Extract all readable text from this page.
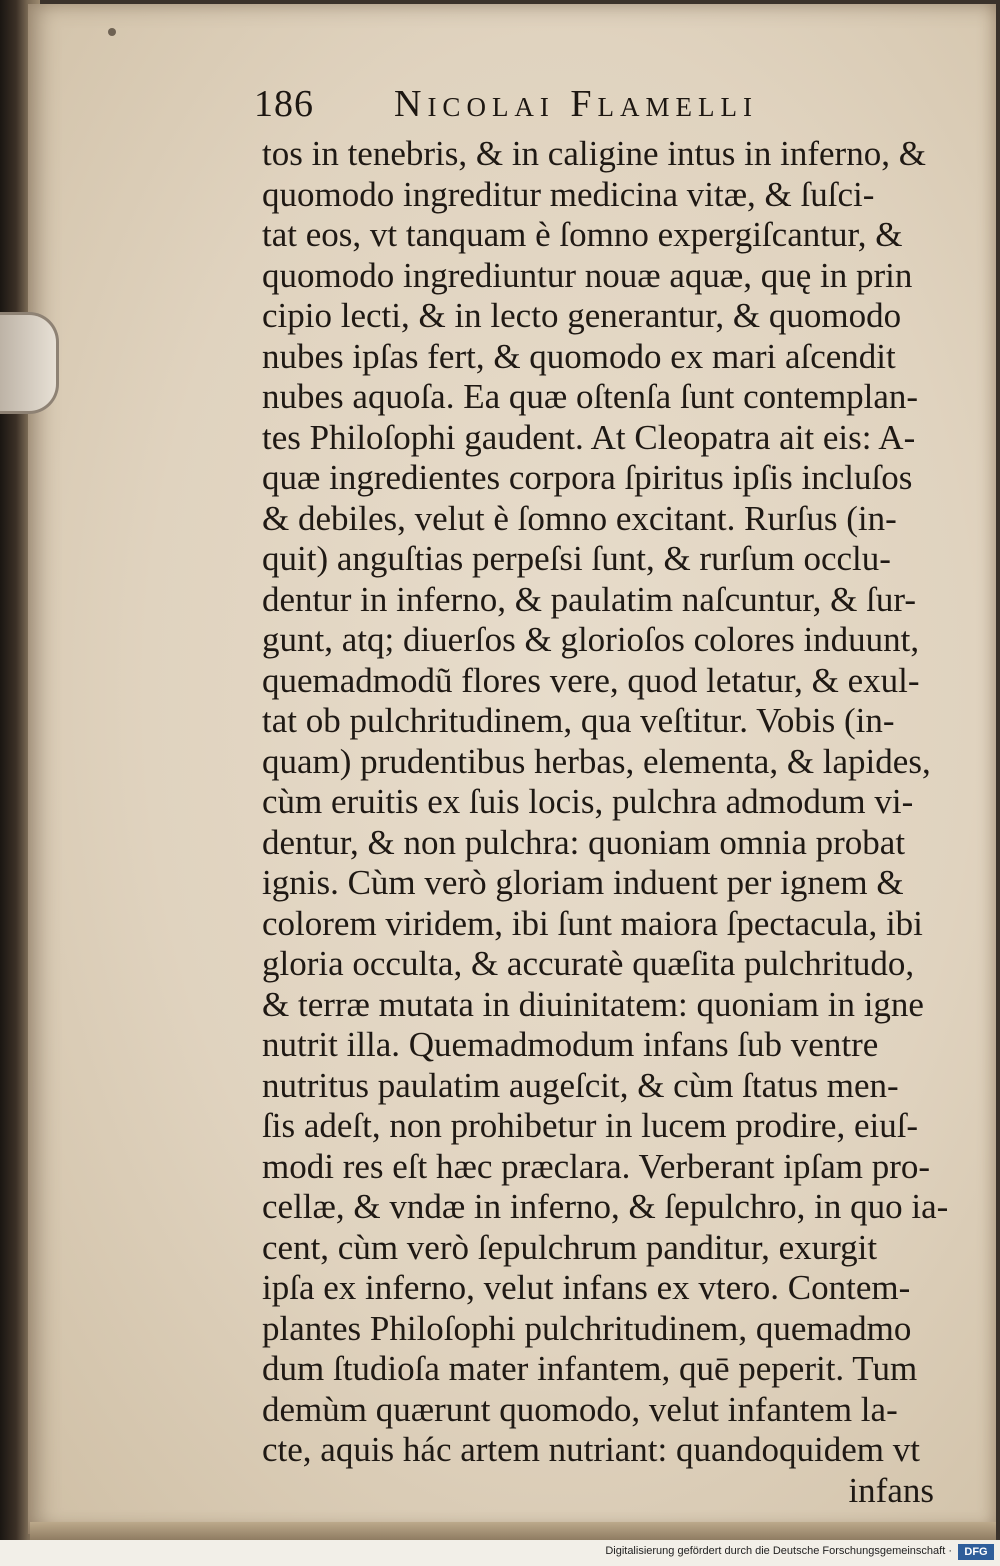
186 Nicolai Flamelli
tos in tenebris, & in caligine intus in inferno, &
quomodo ingreditur medicina vitæ, & ſuſci-
tat eos, vt tanquam è ſomno expergiſcantur, &
quomodo ingrediuntur nouæ aquæ, quę in prin
cipio lecti, & in lecto generantur, & quomodo
nubes ipſas fert, & quomodo ex mari aſcendit
nubes aquoſa. Ea quæ oſtenſa ſunt contemplan-
tes Philoſophi gaudent. At Cleopatra ait eis: A-
quæ ingredientes corpora ſpiritus ipſis incluſos
& debiles, velut è ſomno excitant. Rurſus (in-
quit) anguſtias perpeſsi ſunt, & rurſum occlu-
dentur in inferno, & paulatim naſcuntur, & ſur-
gunt, atq; diuerſos & glorioſos colores induunt,
quemadmodũ flores vere, quod letatur, & exul-
tat ob pulchritudinem, qua veſtitur. Vobis (in-
quam) prudentibus herbas, elementa, & lapides,
cùm eruitis ex ſuis locis, pulchra admodum vi-
dentur, & non pulchra: quoniam omnia probat
ignis. Cùm verò gloriam induent per ignem &
colorem viridem, ibi ſunt maiora ſpectacula, ibi
gloria occulta, & accuratè quæſita pulchritudo,
& terræ mutata in diuinitatem: quoniam in igne
nutrit illa. Quemadmodum infans ſub ventre
nutritus paulatim augeſcit, & cùm ſtatus men-
ſis adeſt, non prohibetur in lucem prodire, eiuſ-
modi res eſt hæc præclara. Verberant ipſam pro-
cellæ, & vndæ in inferno, & ſepulchro, in quo ia-
cent, cùm verò ſepulchrum panditur, exurgit
ipſa ex inferno, velut infans ex vtero. Contem-
plantes Philoſophi pulchritudinem, quemadmo
dum ſtudioſa mater infantem, quē peperit. Tum
demùm quærunt quomodo, velut infantem la-
cte, aquis hác artem nutriant: quandoquidem vt
infans
Digitalisierung gefördert durch die Deutsche Forschungsgemeinschaft ·	DFG
